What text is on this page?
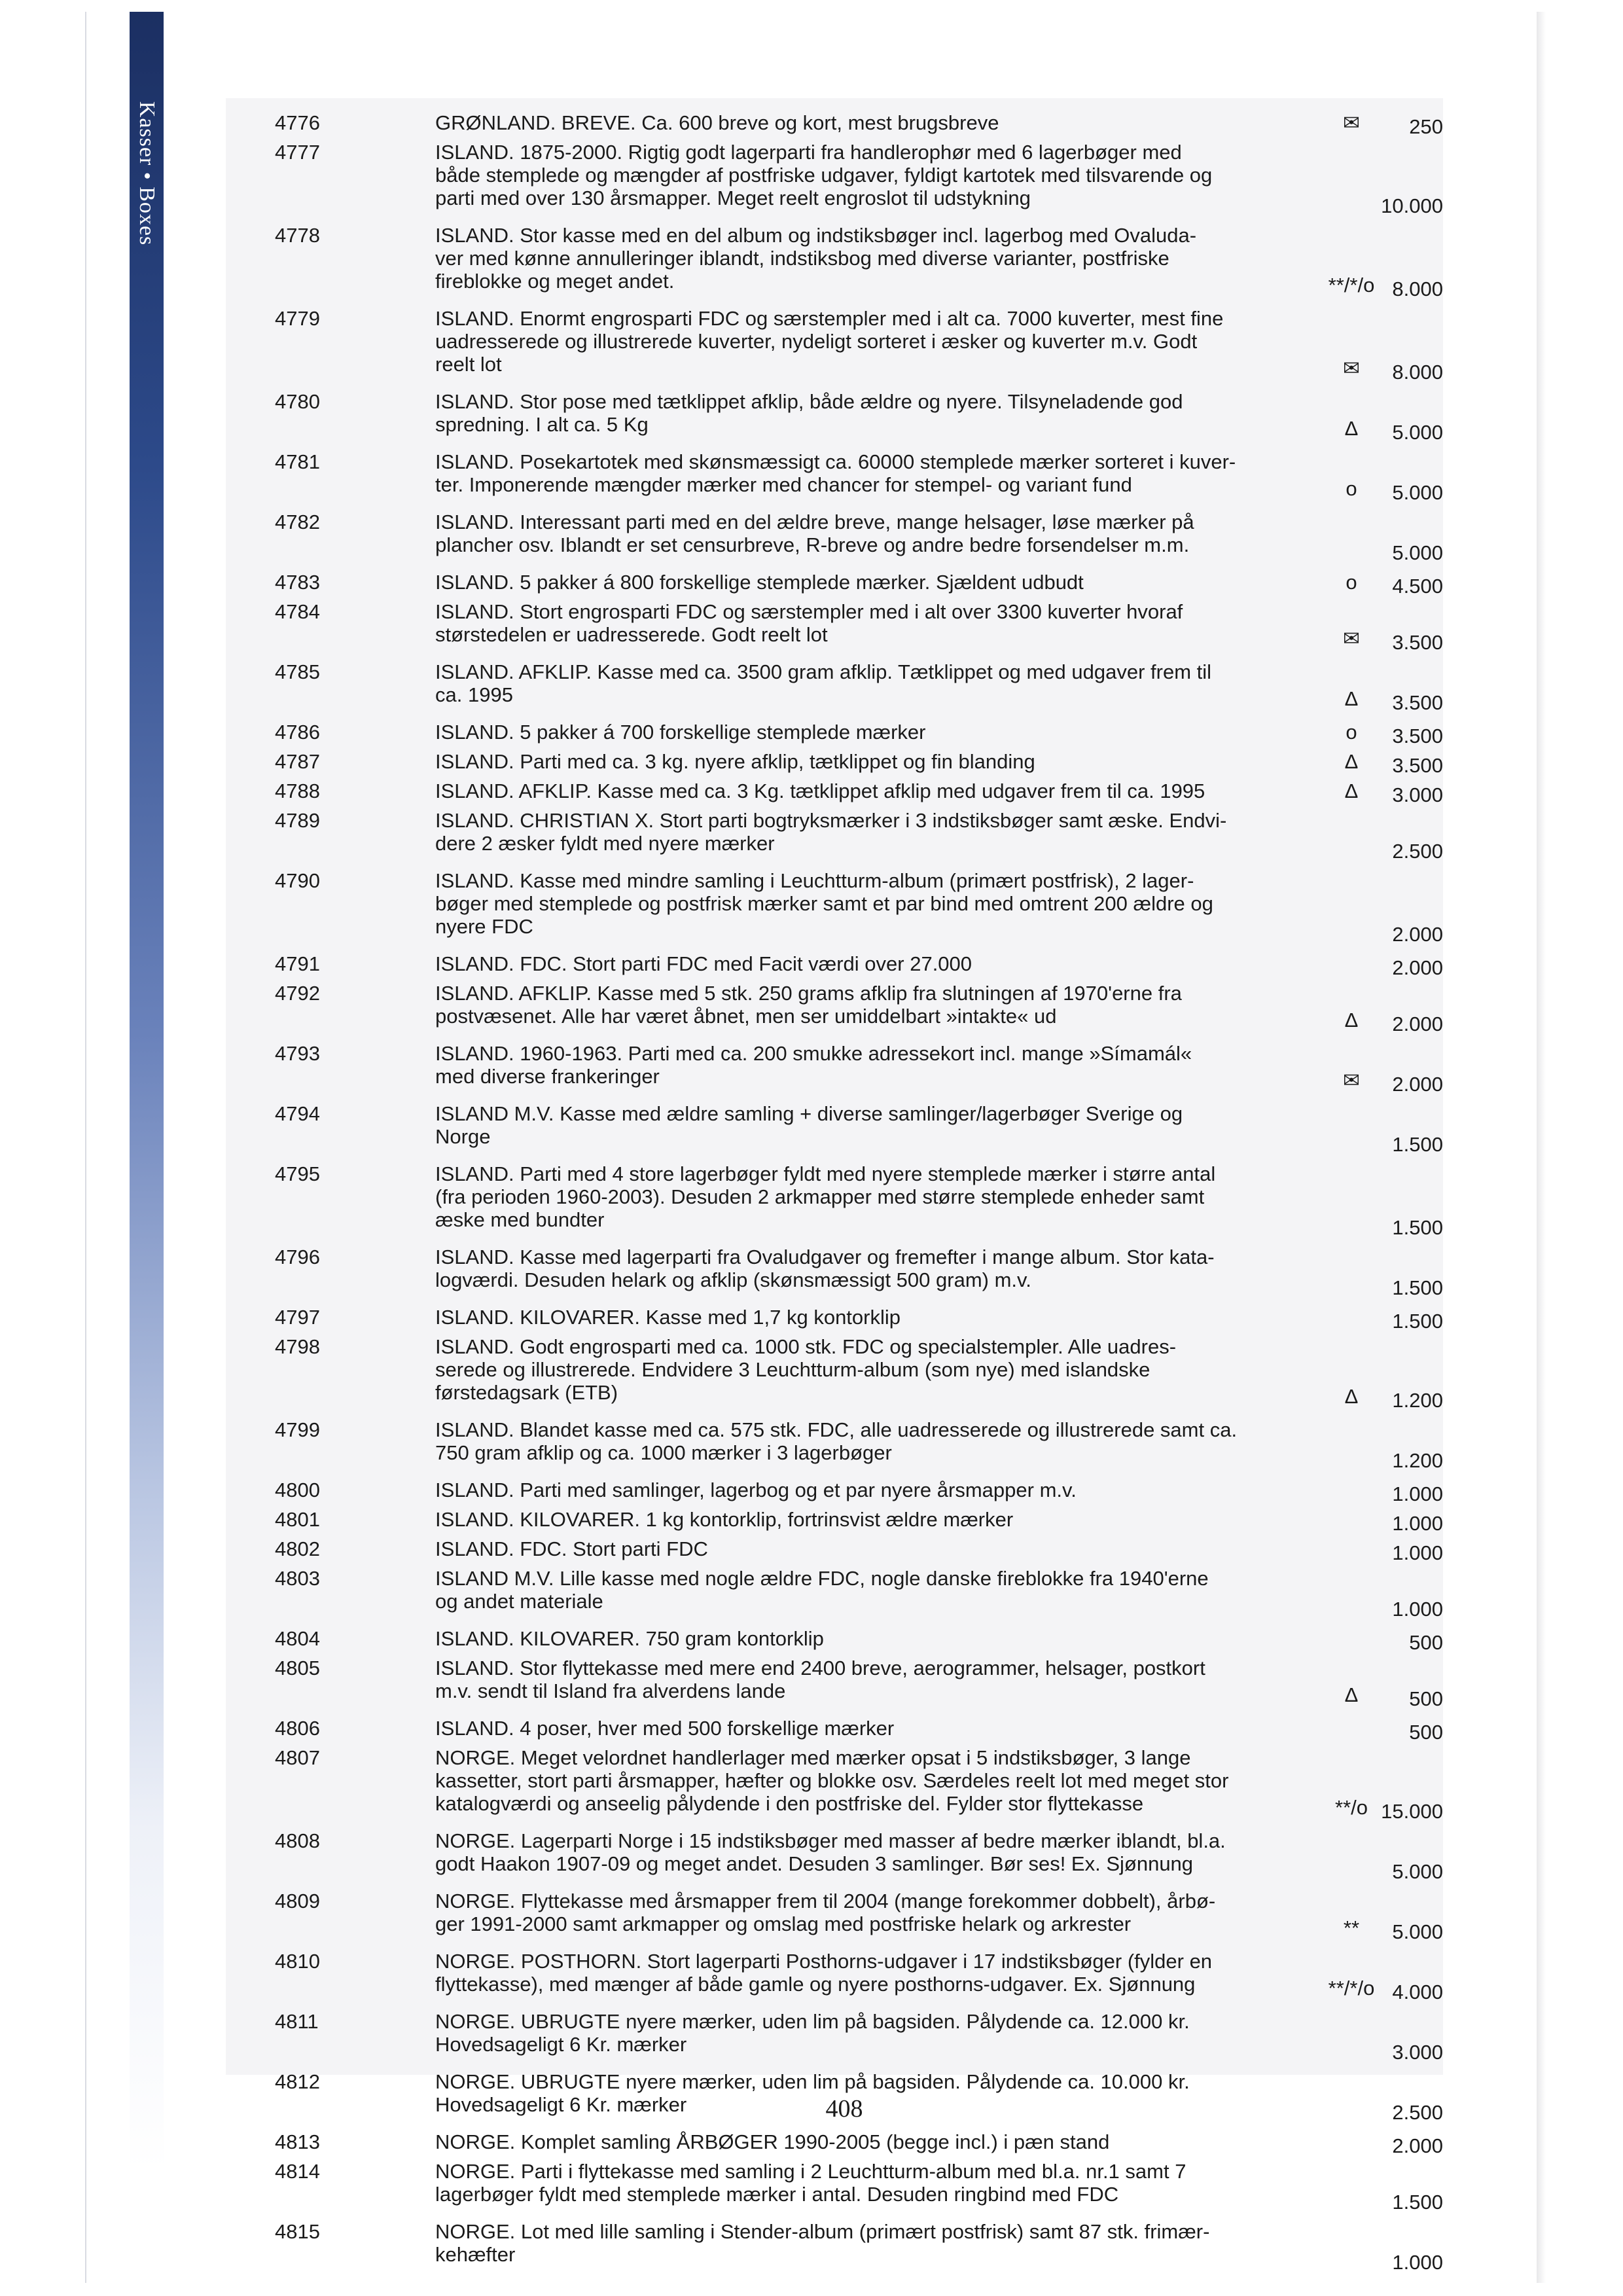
Kasser • Boxes	4776	GRØNLAND. BREVE. Ca. 600 breve og kort, mest brugsbreve	✉	250
4777	ISLAND. 1875-2000. Rigtig godt lagerparti fra handlerophør med 6 lagerbøger med
både stemplede og mængder af postfriske udgaver, fyldigt kartotek med tilsvarende og
parti med over 130 årsmapper. Meget reelt engroslot til udstykning	10.000
4778	ISLAND. Stor kasse med en del album og indstiksbøger incl. lagerbog med Ovaluda-
ver med kønne annulleringer iblandt, indstiksbog med diverse varianter, postfriske
fireblokke og meget andet.	**/*/o 8.000
4779	ISLAND. Enormt engrosparti FDC og særstempler med i alt ca. 7000 kuverter, mest fine
uadresserede og illustrerede kuverter, nydeligt sorteret i æsker og kuverter m.v. Godt
reelt lot	✉	8.000
4780	ISLAND. Stor pose med tætklippet afklip, både ældre og nyere. Tilsyneladende god
spredning. I alt ca. 5 Kg	Δ	5.000
4781	ISLAND. Posekartotek med skønsmæssigt ca. 60000 stemplede mærker sorteret i kuver-
ter. Imponerende mængder mærker med chancer for stempel- og variant fund	o	5.000
4782	ISLAND. Interessant parti med en del ældre breve, mange helsager, løse mærker på
plancher osv. Iblandt er set censurbreve, R-breve og andre bedre forsendelser m.m.	5.000
4783	ISLAND. 5 pakker á 800 forskellige stemplede mærker. Sjældent udbudt	o	4.500
4784	ISLAND. Stort engrosparti FDC og særstempler med i alt over 3300 kuverter hvoraf
størstedelen er uadresserede. Godt reelt lot	✉	3.500
4785	ISLAND. AFKLIP. Kasse med ca. 3500 gram afklip. Tætklippet og med udgaver frem til
ca. 1995	Δ	3.500
4786	ISLAND. 5 pakker á 700 forskellige stemplede mærker	o	3.500
4787	ISLAND. Parti med ca. 3 kg. nyere afklip, tætklippet og fin blanding	Δ	3.500
4788	ISLAND. AFKLIP. Kasse med ca. 3 Kg. tætklippet afklip med udgaver frem til ca. 1995	Δ	3.000
4789	ISLAND. CHRISTIAN X. Stort parti bogtryksmærker i 3 indstiksbøger samt æske. Endvi-
dere 2 æsker fyldt med nyere mærker	2.500
4790	ISLAND. Kasse med mindre samling i Leuchtturm-album (primært postfrisk), 2 lager-
bøger med stemplede og postfrisk mærker samt et par bind med omtrent 200 ældre og
nyere FDC	2.000
4791	ISLAND. FDC. Stort parti FDC med Facit værdi over 27.000	2.000
4792	ISLAND. AFKLIP. Kasse med 5 stk. 250 grams afklip fra slutningen af 1970'erne fra
postvæsenet. Alle har været åbnet, men ser umiddelbart »intakte« ud	Δ	2.000
4793	ISLAND. 1960-1963. Parti med ca. 200 smukke adressekort incl. mange »Símamál«
med diverse frankeringer	✉	2.000
4794	ISLAND M.V. Kasse med ældre samling + diverse samlinger/lagerbøger Sverige og
Norge	1.500
4795	ISLAND. Parti med 4 store lagerbøger fyldt med nyere stemplede mærker i større antal
(fra perioden 1960-2003). Desuden 2 arkmapper med større stemplede enheder samt
æske med bundter	1.500
4796	ISLAND. Kasse med lagerparti fra Ovaludgaver og fremefter i mange album. Stor kata-
logværdi. Desuden helark og afklip (skønsmæssigt 500 gram) m.v.	1.500
4797	ISLAND. KILOVARER. Kasse med 1,7 kg kontorklip	1.500
4798	ISLAND. Godt engrosparti med ca. 1000 stk. FDC og specialstempler. Alle uadres-
serede og illustrerede. Endvidere 3 Leuchtturm-album (som nye) med islandske
førstedagsark (ETB)	Δ	1.200
4799	ISLAND. Blandet kasse med ca. 575 stk. FDC, alle uadresserede og illustrerede samt ca.
750 gram afklip og ca. 1000 mærker i 3 lagerbøger	1.200
4800	ISLAND. Parti med samlinger, lagerbog og et par nyere årsmapper m.v.	1.000
4801	ISLAND. KILOVARER. 1 kg kontorklip, fortrinsvist ældre mærker	1.000
4802	ISLAND. FDC. Stort parti FDC	1.000
4803	ISLAND M.V. Lille kasse med nogle ældre FDC, nogle danske fireblokke fra 1940'erne
og andet materiale	1.000
4804	ISLAND. KILOVARER. 750 gram kontorklip	500
4805	ISLAND. Stor flyttekasse med mere end 2400 breve, aerogrammer, helsager, postkort
m.v. sendt til Island fra alverdens lande	Δ	500
4806	ISLAND. 4 poser, hver med 500 forskellige mærker	500
4807	NORGE. Meget velordnet handlerlager med mærker opsat i 5 indstiksbøger, 3 lange
kassetter, stort parti årsmapper, hæfter og blokke osv. Særdeles reelt lot med meget stor
katalogværdi og anseelig pålydende i den postfriske del. Fylder stor flyttekasse	**/o 15.000
4808	NORGE. Lagerparti Norge i 15 indstiksbøger med masser af bedre mærker iblandt, bl.a.
godt Haakon 1907-09 og meget andet. Desuden 3 samlinger. Bør ses! Ex. Sjønnung	5.000
4809	NORGE. Flyttekasse med årsmapper frem til 2004 (mange forekommer dobbelt), årbø-
ger 1991-2000 samt arkmapper og omslag med postfriske helark og arkrester	**	5.000
4810	NORGE. POSTHORN. Stort lagerparti Posthorns-udgaver i 17 indstiksbøger (fylder en
flyttekasse), med mænger af både gamle og nyere posthorns-udgaver. Ex. Sjønnung	**/*/o 4.000
4811	NORGE. UBRUGTE nyere mærker, uden lim på bagsiden. Pålydende ca. 12.000 kr.
Hovedsageligt 6 Kr. mærker	3.000
4812	NORGE. UBRUGTE nyere mærker, uden lim på bagsiden. Pålydende ca. 10.000 kr.
Hovedsageligt 6 Kr. mærker	2.500
4813	NORGE. Komplet samling ÅRBØGER 1990-2005 (begge incl.) i pæn stand	2.000
4814	NORGE. Parti i flyttekasse med samling i 2 Leuchtturm-album med bl.a. nr.1 samt 7
lagerbøger fyldt med stemplede mærker i antal. Desuden ringbind med FDC	1.500
4815	NORGE. Lot med lille samling i Stender-album (primært postfrisk) samt 87 stk. frimær-
kehæfter	1.000
408
